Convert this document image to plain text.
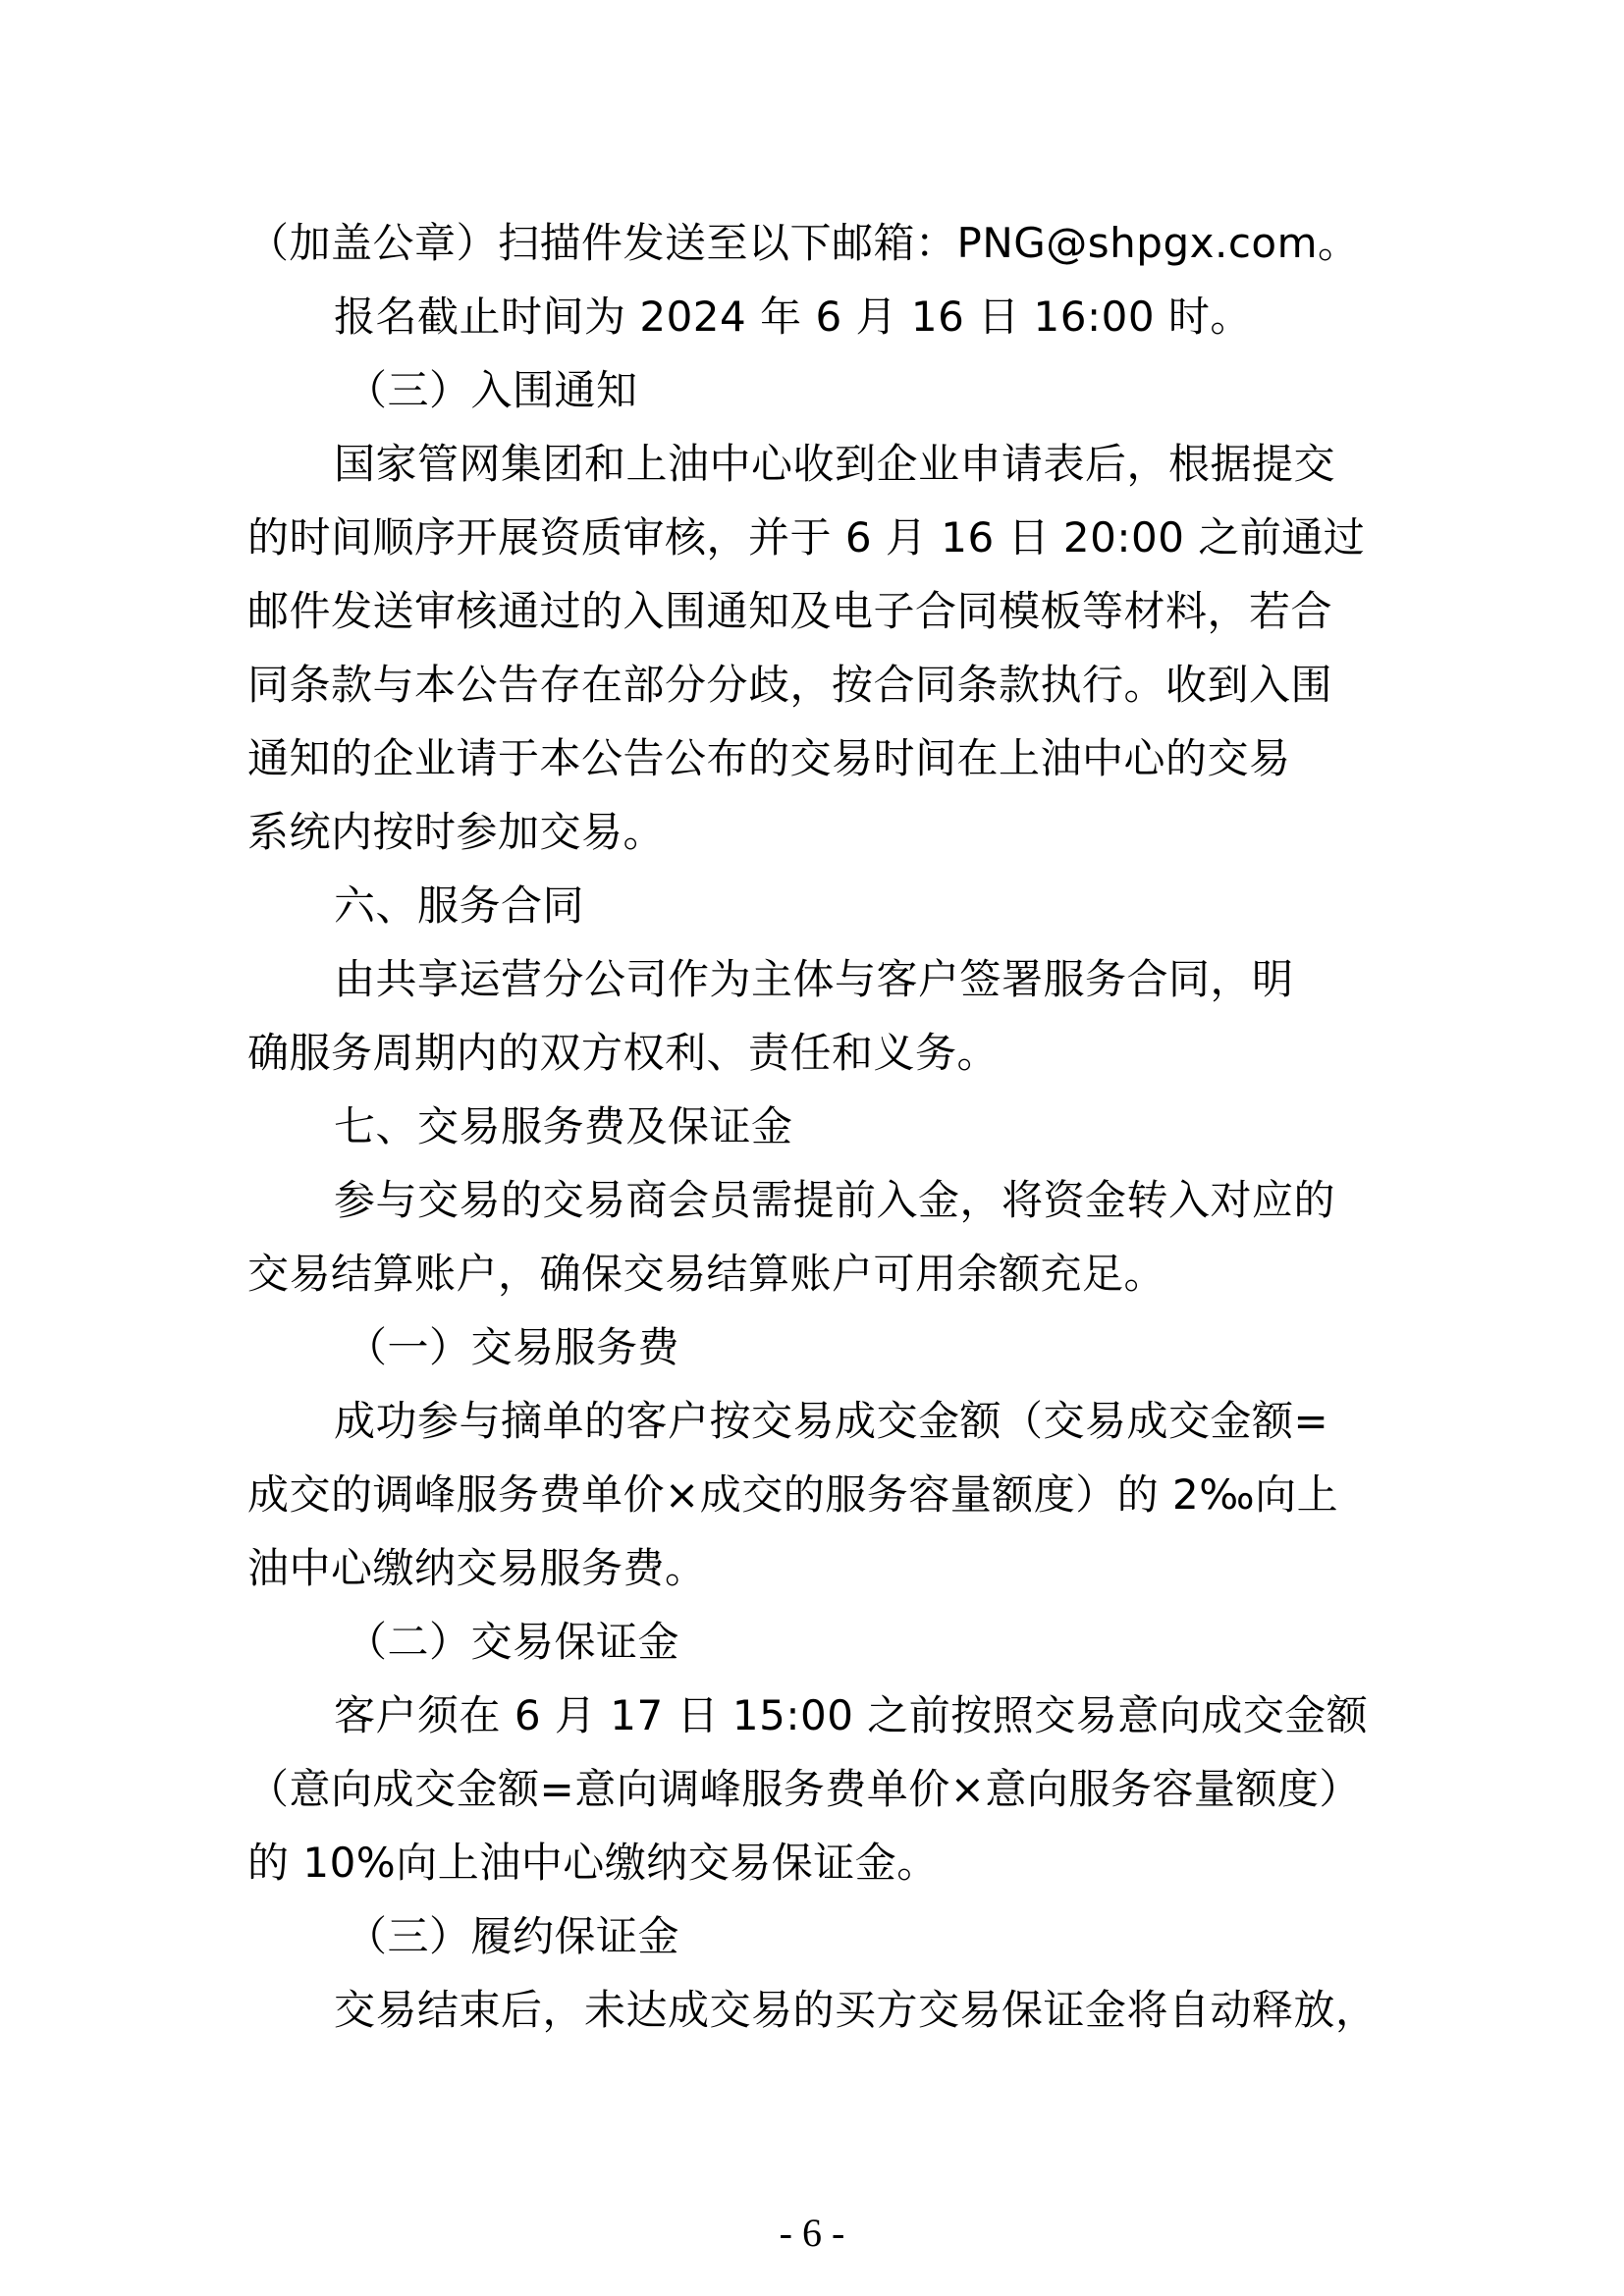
（加盖公章）扫描件发送至以下邮箱：PNG@shpgx.com。
报名截止时间为 2024 年 6 月 16 日 16:00 时。
（三）入围通知
国家管网集团和上油中心收到企业申请表后，根据提交
的时间顺序开展资质审核，并于 6 月 16 日 20:00 之前通过
邮件发送审核通过的入围通知及电子合同模板等材料，若合
同条款与本公告存在部分分歧，按合同条款执行。收到入围
通知的企业请于本公告公布的交易时间在上油中心的交易
系统内按时参加交易。
六、服务合同
由共享运营分公司作为主体与客户签署服务合同，明
确服务周期内的双方权利、责任和义务。
七、交易服务费及保证金
参与交易的交易商会员需提前入金，将资金转入对应的
交易结算账户，确保交易结算账户可用余额充足。
（一）交易服务费
成功参与摘单的客户按交易成交金额（交易成交金额=
成交的调峰服务费单价×成交的服务容量额度）的 2‰向上
油中心缴纳交易服务费。
（二）交易保证金
客户须在 6 月 17 日 15:00 之前按照交易意向成交金额
（意向成交金额=意向调峰服务费单价×意向服务容量额度）
的 10%向上油中心缴纳交易保证金。
（三）履约保证金
交易结束后，未达成交易的买方交易保证金将自动释放，
- 6 -
